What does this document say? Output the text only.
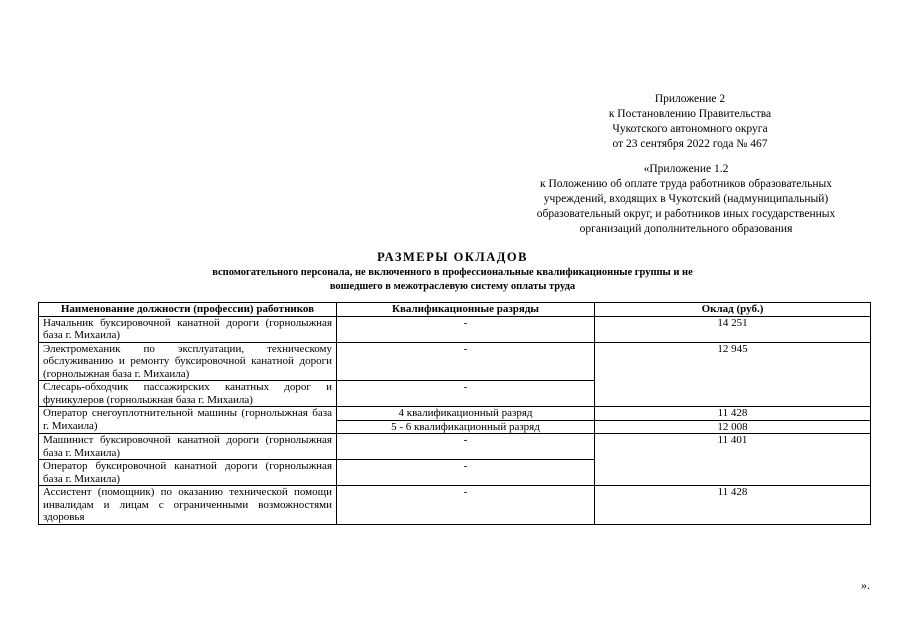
Приложение 2
к Постановлению Правительства
Чукотского автономного округа
от 23 сентября 2022 года № 467
«Приложение 1.2
к Положению об оплате труда работников образовательных
учреждений, входящих в Чукотский (надмуниципальный)
образовательный округ, и работников иных государственных
организаций дополнительного образования
РАЗМЕРЫ ОКЛАДОВ
вспомогательного персонала, не включенного в профессиональные квалификационные группы и не
вошедшего в межотраслевую систему оплаты труда
Наименование должности (профессии) работников	Квалификационные разряды	Оклад (руб.)
Начальник буксировочной канатной дороги (горнолыжная база г. Михаила)	-	14 251
Электромеханик по эксплуатации, техническому обслуживанию и ремонту буксировочной канатной дороги (горнолыжная база г. Михаила)	-	12 945
Слесарь-обходчик пассажирских канатных дорог и фуникулеров (горнолыжная база г. Михаила)	-	
Оператор снегоуплотнительной машины (горнолыжная база г. Михаила)	4 квалификационный разряд	11 428
	5 - 6 квалификационный разряд	12 008
Машинист буксировочной канатной дороги (горнолыжная база г. Михаила)	-	11 401
Оператор буксировочной канатной дороги (горнолыжная база г. Михаила)	-	
Ассистент (помощник) по оказанию технической помощи инвалидам и лицам с ограниченными возможностями здоровья	-	11 428
».
